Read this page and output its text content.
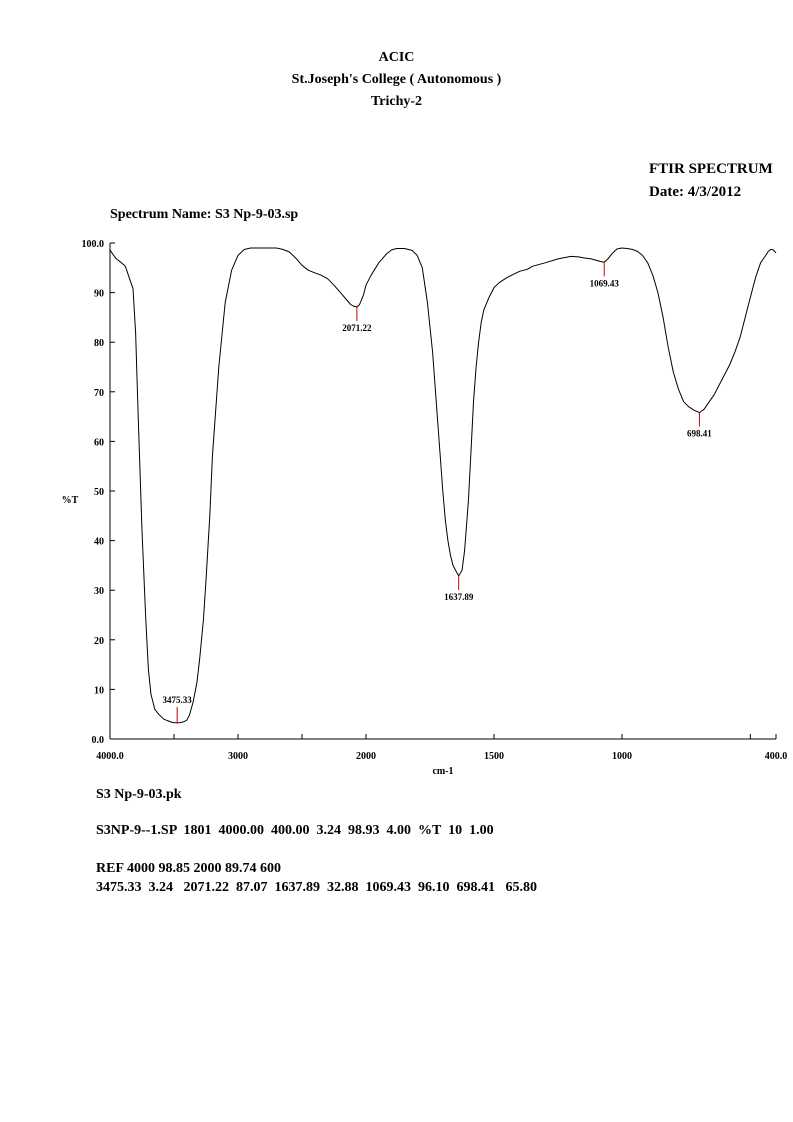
ACIC
St.Joseph's College ( Autonomous )
Trichy-2
FTIR SPECTRUM
Date: 4/3/2012
Spectrum Name: S3 Np-9-03.sp
0.0
10
20
30
40
50
60
70
80
90
100.0
4000.0	3000	2000	1500	1000	400.0
3475.33
2071.22
1637.89
1069.43
698.41
cm-1
%T
S3 Np-9-03.pk
S3NP-9--1.SP  1801  4000.00  400.00  3.24  98.93  4.00  %T  10  1.00
REF 4000 98.85 2000 89.74 600
3475.33  3.24   2071.22  87.07  1637.89  32.88  1069.43  96.10  698.41   65.80
